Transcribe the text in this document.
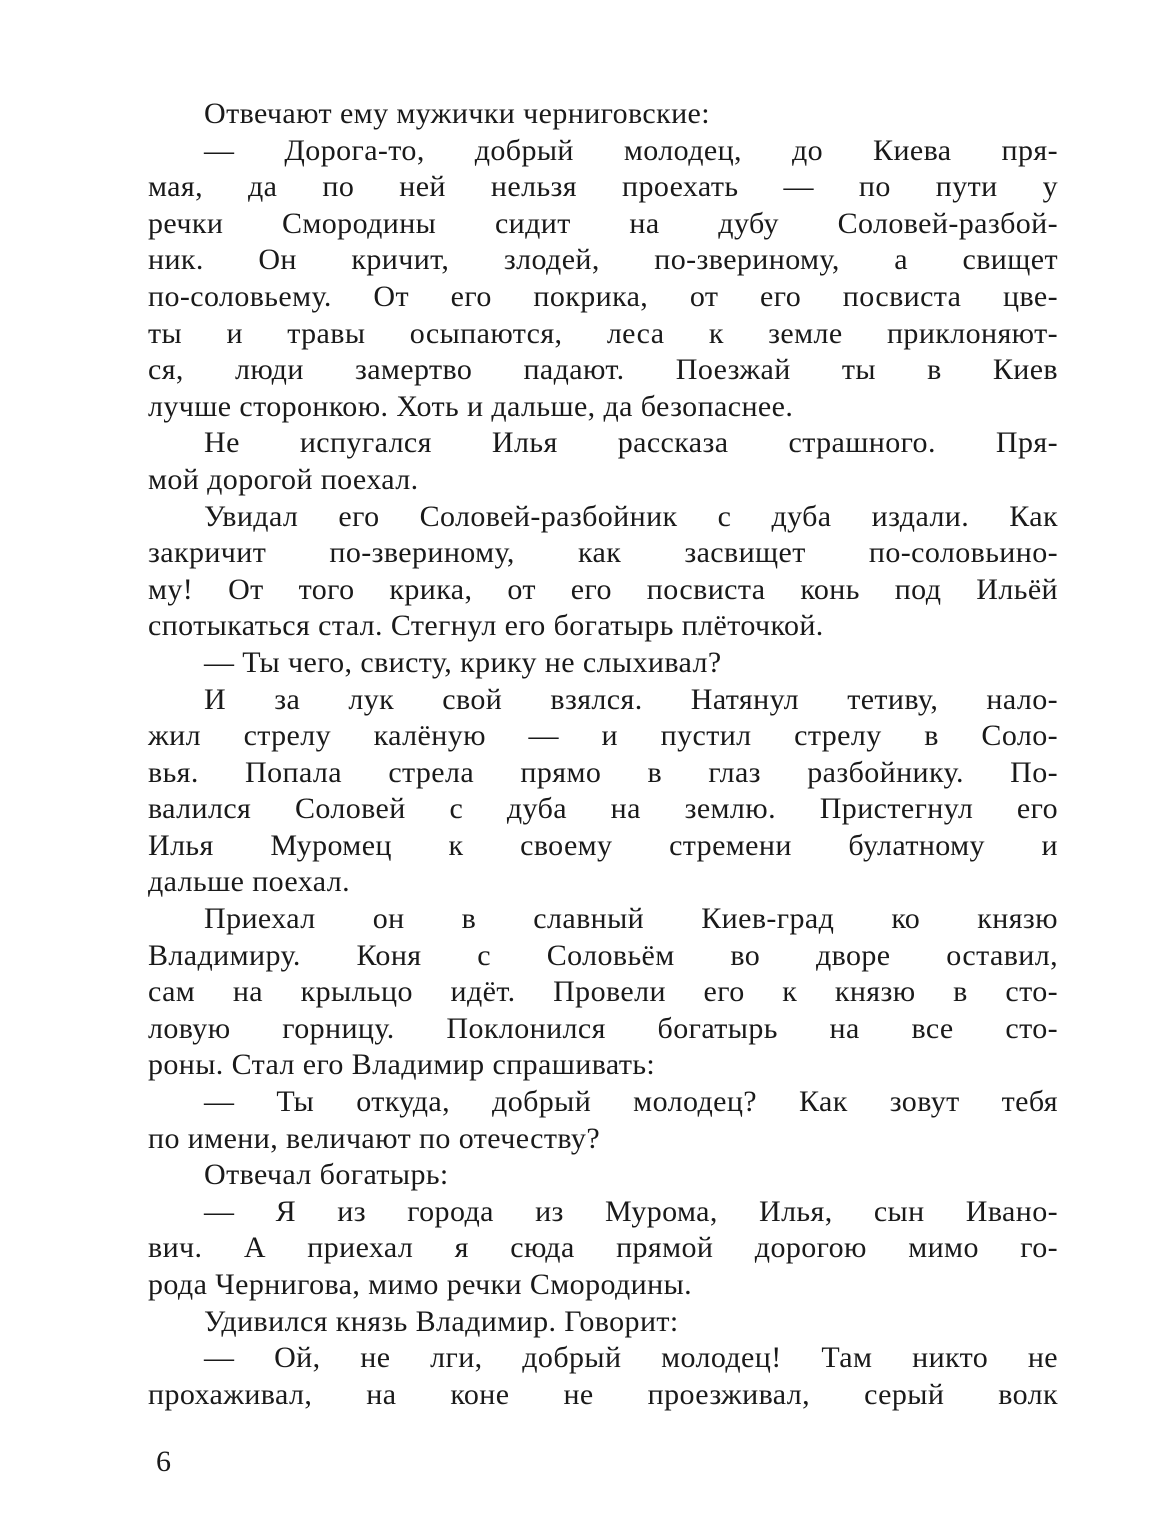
Отвечают ему мужички черниговские:
— Дорога-то, добрый молодец, до Киева пря-
мая, да по ней нельзя проехать — по пути у
речки Смородины сидит на дубу Соловей-разбой-
ник. Он кричит, злодей, по-звериному, а свищет
по-соловьему. От его покрика, от его посвиста цве-
ты и травы осыпаются, леса к земле приклоняют-
ся, люди замертво падают. Поезжай ты в Киев
лучше сторонкою. Хоть и дальше, да безопаснее.
Не испугался Илья рассказа страшного. Пря-
мой дорогой поехал.
Увидал его Соловей-разбойник с дуба издали. Как
закричит по-звериному, как засвищет по-соловьино-
му! От того крика, от его посвиста конь под Ильёй
спотыкаться стал. Стегнул его богатырь плёточкой.
— Ты чего, свисту, крику не слыхивал?
И за лук свой взялся. Натянул тетиву, нало-
жил стрелу калёную — и пустил стрелу в Соло-
вья. Попала стрела прямо в глаз разбойнику. По-
валился Соловей с дуба на землю. Пристегнул его
Илья Муромец к своему стремени булатному и
дальше поехал.
Приехал он в славный Киев-град ко князю
Владимиру. Коня с Соловьём во дворе оставил,
сам на крыльцо идёт. Провели его к князю в сто-
ловую горницу. Поклонился богатырь на все сто-
роны. Стал его Владимир спрашивать:
— Ты откуда, добрый молодец? Как зовут тебя
по имени, величают по отечеству?
Отвечал богатырь:
— Я из города из Мурома, Илья, сын Ивано-
вич. А приехал я сюда прямой дорогою мимо го-
рода Чернигова, мимо речки Смородины.
Удивился князь Владимир. Говорит:
— Ой, не лги, добрый молодец! Там никто не
прохаживал, на коне не проезживал, серый волк
6
